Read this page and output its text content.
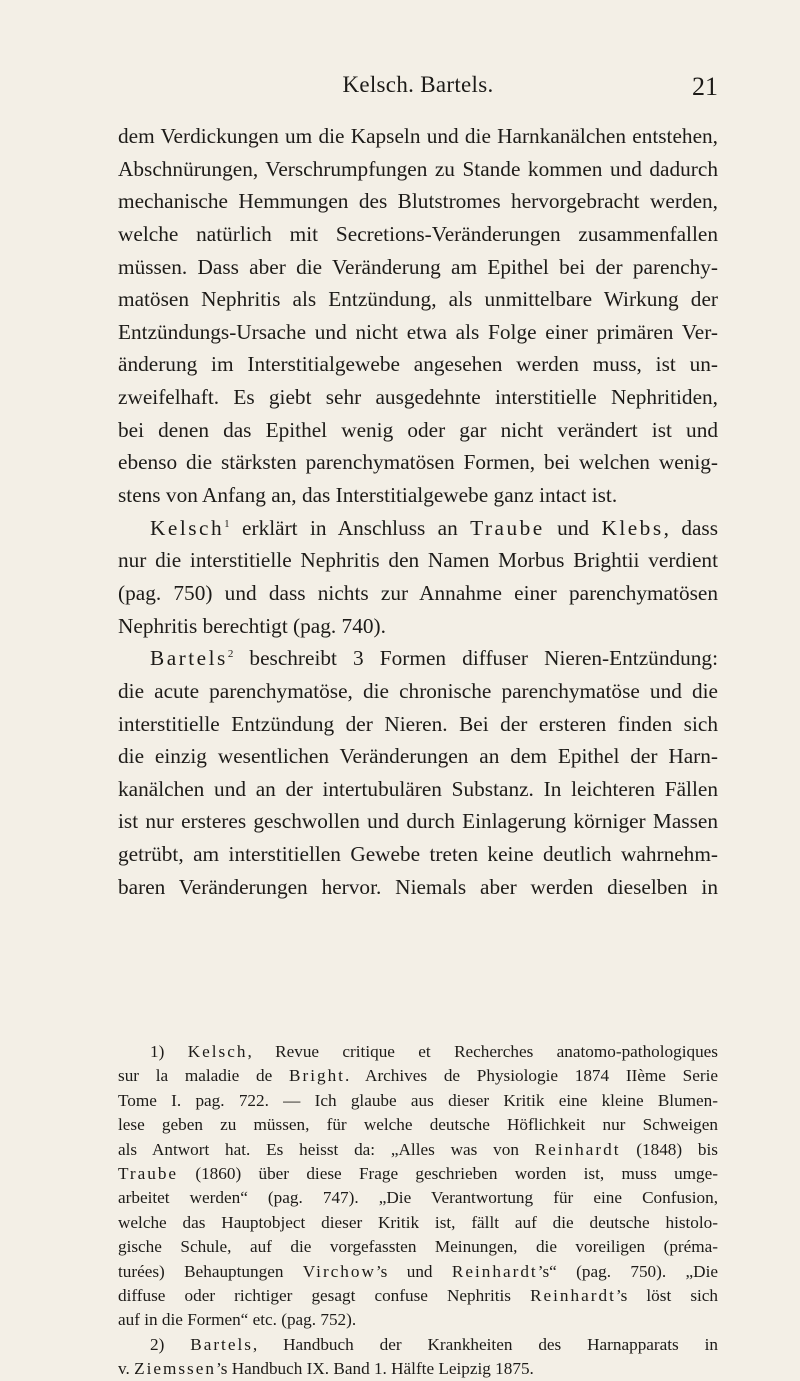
Kelsch. Bartels.	21
dem Verdickungen um die Kapseln und die Harnkanälchen entstehen,
Abschnürungen, Verschrumpfungen zu Stande kommen und dadurch
mechanische Hemmungen des Blutstromes hervorgebracht werden,
welche natürlich mit Secretions-Veränderungen zusammenfallen
müssen. Dass aber die Veränderung am Epithel bei der parenchy-
matösen Nephritis als Entzündung, als unmittelbare Wirkung der
Entzündungs-Ursache und nicht etwa als Folge einer primären Ver-
änderung im Interstitialgewebe angesehen werden muss, ist un-
zweifelhaft. Es giebt sehr ausgedehnte interstitielle Nephritiden,
bei denen das Epithel wenig oder gar nicht verändert ist und
ebenso die stärksten parenchymatösen Formen, bei welchen wenig-
stens von Anfang an, das Interstitialgewebe ganz intact ist.
Kelsch$^1$ erklärt in Anschluss an Traube und Klebs, dass
nur die interstitielle Nephritis den Namen Morbus Brightii verdient
(pag. 750) und dass nichts zur Annahme einer parenchymatösen
Nephritis berechtigt (pag. 740).
Bartels$^2$ beschreibt 3 Formen diffuser Nieren-Entzündung:
die acute parenchymatöse, die chronische parenchymatöse und die
interstitielle Entzündung der Nieren. Bei der ersteren finden sich
die einzig wesentlichen Veränderungen an dem Epithel der Harn-
kanälchen und an der intertubulären Substanz. In leichteren Fällen
ist nur ersteres geschwollen und durch Einlagerung körniger Massen
getrübt, am interstitiellen Gewebe treten keine deutlich wahrnehm-
baren Veränderungen hervor. Niemals aber werden dieselben in
1) Kelsch, Revue critique et Recherches anatomo-pathologiques
sur la maladie de Bright. Archives de Physiologie 1874 IIème Serie
Tome I. pag. 722. — Ich glaube aus dieser Kritik eine kleine Blumen-
lese geben zu müssen, für welche deutsche Höflichkeit nur Schweigen
als Antwort hat. Es heisst da: „Alles was von Reinhardt (1848) bis
Traube (1860) über diese Frage geschrieben worden ist, muss umge-
arbeitet werden“ (pag. 747). „Die Verantwortung für eine Confusion,
welche das Hauptobject dieser Kritik ist, fällt auf die deutsche histolo-
gische Schule, auf die vorgefassten Meinungen, die voreiligen (préma-
turées) Behauptungen Virchow’s und Reinhardt’s“ (pag. 750). „Die
diffuse oder richtiger gesagt confuse Nephritis Reinhardt’s löst sich
auf in die Formen“ etc. (pag. 752).
2) Bartels, Handbuch der Krankheiten des Harnapparats in
v. Ziemssen’s Handbuch IX. Band 1. Hälfte Leipzig 1875.
